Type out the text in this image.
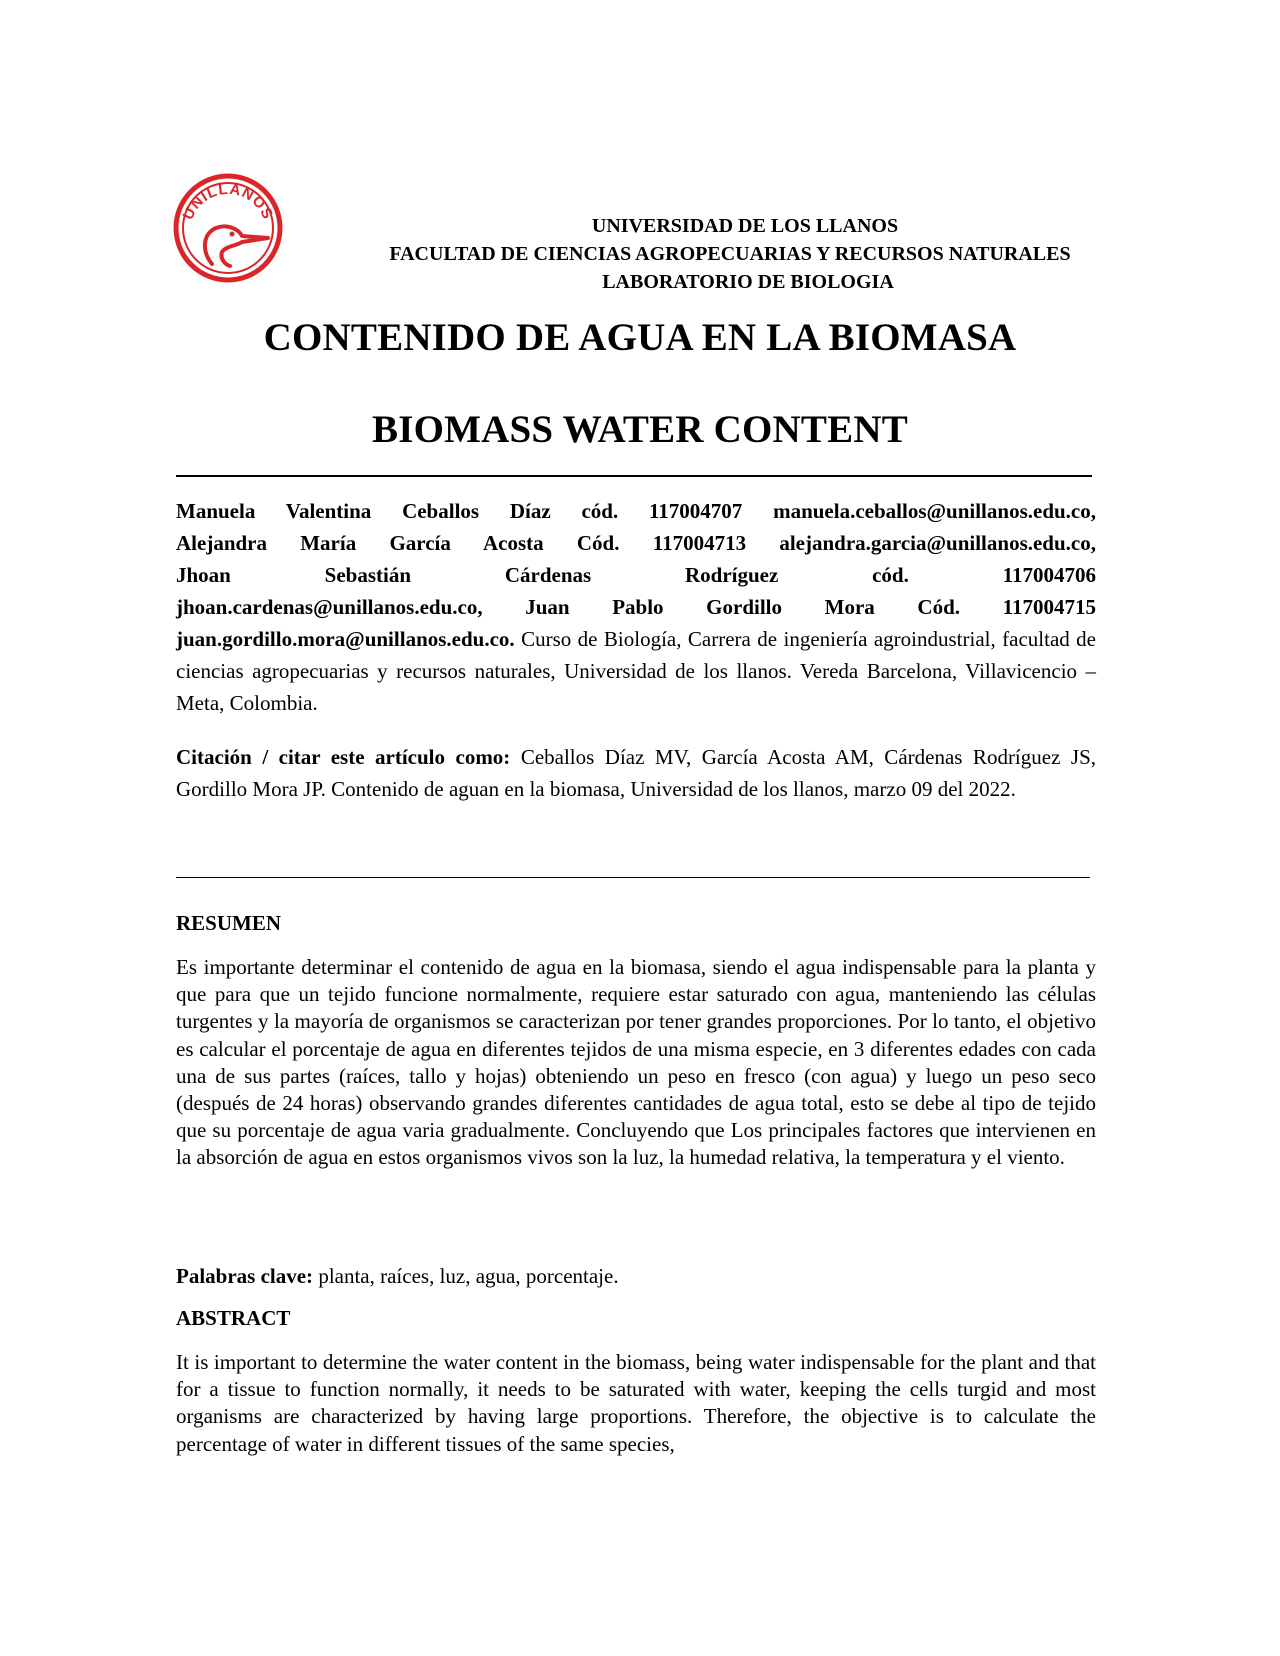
UNILLANOS
UNIVERSIDAD DE LOS LLANOS
FACULTAD DE CIENCIAS AGROPECUARIAS Y RECURSOS NATURALES
LABORATORIO DE BIOLOGIA
CONTENIDO DE AGUA EN LA BIOMASA
BIOMASS WATER CONTENT
Manuela Valentina Ceballos Díaz cód. 117004707 manuela.ceballos@unillanos.edu.co,
Alejandra María García Acosta Cód. 117004713 alejandra.garcia@unillanos.edu.co,
Jhoan Sebastián Cárdenas Rodríguez cód. 117004706
jhoan.cardenas@unillanos.edu.co, Juan Pablo Gordillo Mora Cód. 117004715
juan.gordillo.mora@unillanos.edu.co. Curso de Biología, Carrera de ingeniería agroindustrial, facultad de ciencias agropecuarias y recursos naturales, Universidad de los llanos. Vereda Barcelona, Villavicencio – Meta, Colombia.
Citación / citar este artículo como: Ceballos Díaz MV, García Acosta AM, Cárdenas Rodríguez JS, Gordillo Mora JP. Contenido de aguan en la biomasa, Universidad de los llanos, marzo 09 del 2022.
RESUMEN
Es importante determinar el contenido de agua en la biomasa, siendo el agua indispensable para la planta y que para que un tejido funcione normalmente, requiere estar saturado con agua, manteniendo las células turgentes y la mayoría de organismos se caracterizan por tener grandes proporciones. Por lo tanto, el objetivo es calcular el porcentaje de agua en diferentes tejidos de una misma especie, en 3 diferentes edades con cada una de sus partes (raíces, tallo y hojas) obteniendo un peso en fresco (con agua) y luego un peso seco (después de 24 horas) observando grandes diferentes cantidades de agua total, esto se debe al tipo de tejido que su porcentaje de agua varia gradualmente. Concluyendo que Los principales factores que intervienen en la absorción de agua en estos organismos vivos son la luz, la humedad relativa, la temperatura y el viento.
Palabras clave: planta, raíces, luz, agua, porcentaje.
ABSTRACT
It is important to determine the water content in the biomass, being water indispensable for the plant and that for a tissue to function normally, it needs to be saturated with water, keeping the cells turgid and most organisms are characterized by having large proportions. Therefore, the objective is to calculate the percentage of water in different tissues of the same species,
